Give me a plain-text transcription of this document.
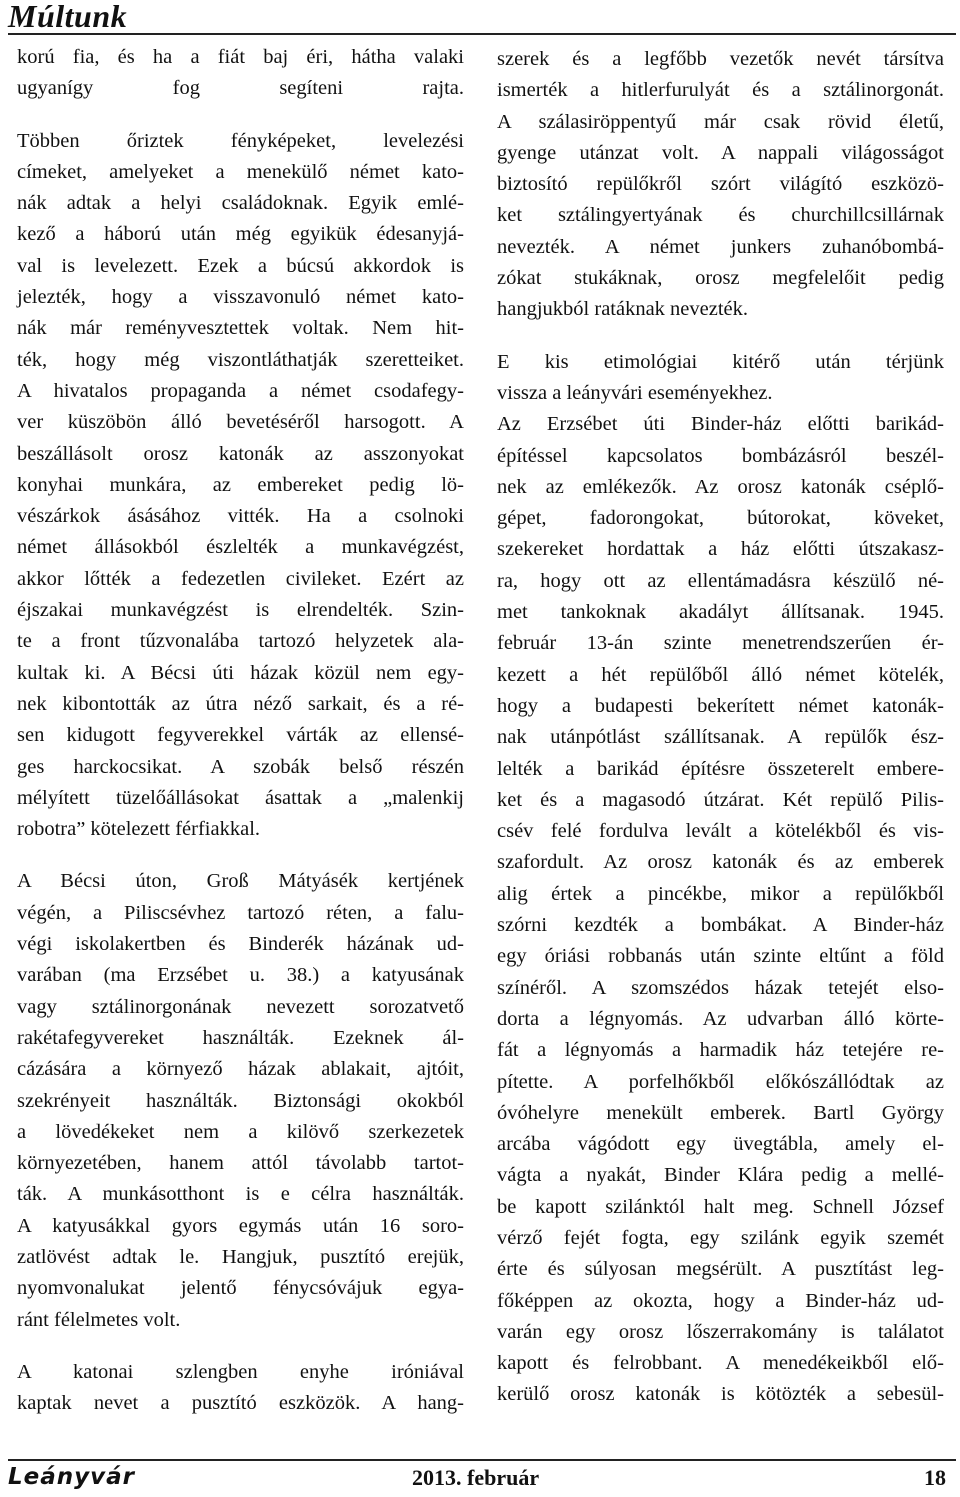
Múltunk
korú fia, és ha a fiát baj éri, hátha valaki
ugyanígy fog segíteni rajta.
Többen őriztek fényképeket, levelezési
címeket, amelyeket a menekülő német kato-
nák adtak a helyi családoknak. Egyik emlé-
kező a háború után még egyikük édesanyjá-
val is levelezett. Ezek a búcsú akkordok is
jelezték, hogy a visszavonuló német kato-
nák már reményvesztettek voltak. Nem hit-
ték, hogy még viszontláthatják szeretteiket.
A hivatalos propaganda a német csodafegy-
ver küszöbön álló bevetéséről harsogott. A
beszállásolt orosz katonák az asszonyokat
konyhai munkára, az embereket pedig lö-
vészárkok ásásához vitték. Ha a csolnoki
német állásokból észlelték a munkavégzést,
akkor lőtték a fedezetlen civileket. Ezért az
éjszakai munkavégzést is elrendelték. Szin-
te a front tűzvonalába tartozó helyzetek ala-
kultak ki. A Bécsi úti házak közül nem egy-
nek kibontották az útra néző sarkait, és a ré-
sen kidugott fegyverekkel várták az ellensé-
ges harckocsikat. A szobák belső részén
mélyített tüzelőállásokat ásattak a „malenkij
robotra” kötelezett férfiakkal.
A Bécsi úton, Groß Mátyásék kertjének
végén, a Piliscsévhez tartozó réten, a falu-
végi iskolakertben és Binderék házának ud-
varában (ma Erzsébet u. 38.) a katyusának
vagy sztálinorgonának nevezett sorozatvető
rakétafegyvereket használták. Ezeknek ál-
cázására a környező házak ablakait, ajtóit,
szekrényeit használták. Biztonsági okokból
a lövedékeket nem a kilövő szerkezetek
környezetében, hanem attól távolabb tartot-
ták. A munkásotthont is e célra használták.
A katyusákkal gyors egymás után 16 soro-
zatlövést adtak le. Hangjuk, pusztító erejük,
nyomvonalukat jelentő fénycsóvájuk egya-
ránt félelmetes volt.
A katonai szlengben enyhe iróniával
kaptak nevet a pusztító eszközök. A hang-
szerek és a legfőbb vezetők nevét társítva
ismerték a hitlerfurulyát és a sztálinorgonát.
A szálasiröppentyű már csak rövid életű,
gyenge utánzat volt. A nappali világosságot
biztosító repülőkről szórt világító eszközö-
ket sztálingyertyának és churchillcsillárnak
nevezték. A német junkers zuhanóbombá-
zókat stukáknak, orosz megfelelőit pedig
hangjukból ratáknak nevezték.
E kis etimológiai kitérő után térjünk
vissza a leányvári eseményekhez.
Az Erzsébet úti Binder-ház előtti barikád-
építéssel kapcsolatos bombázásról beszél-
nek az emlékezők. Az orosz katonák cséplő-
gépet, fadorongokat, bútorokat, köveket,
szekereket hordattak a ház előtti útszakasz-
ra, hogy ott az ellentámadásra készülő né-
met tankoknak akadályt állítsanak. 1945.
február 13-án szinte menetrendszerűen ér-
kezett a hét repülőből álló német kötelék,
hogy a budapesti bekerített német katonák-
nak utánpótlást szállítsanak. A repülők ész-
lelték a barikád építésre összeterelt embere-
ket és a magasodó útzárat. Két repülő Pilis-
csév felé fordulva levált a kötelékből és vis-
szafordult. Az orosz katonák és az emberek
alig értek a pincékbe, mikor a repülőkből
szórni kezdték a bombákat. A Binder-ház
egy óriási robbanás után szinte eltűnt a föld
színéről. A szomszédos házak tetejét elso-
dorta a légnyomás. Az udvarban álló körte-
fát a légnyomás a harmadik ház tetejére re-
pítette. A porfelhőkből előkószállódtak az
óvóhelyre menekült emberek. Bartl György
arcába vágódott egy üvegtábla, amely el-
vágta a nyakát, Binder Klára pedig a mellé-
be kapott szilánktól halt meg. Schnell József
vérző fejét fogta, egy szilánk egyik szemét
érte és súlyosan megsérült. A pusztítást leg-
főképpen az okozta, hogy a Binder-ház ud-
varán egy orosz lőszerrakomány is találatot
kapott és felrobbant. A menedékeikből elő-
kerülő orosz katonák is kötözték a sebesül-
Leányvár	2013. február	18
